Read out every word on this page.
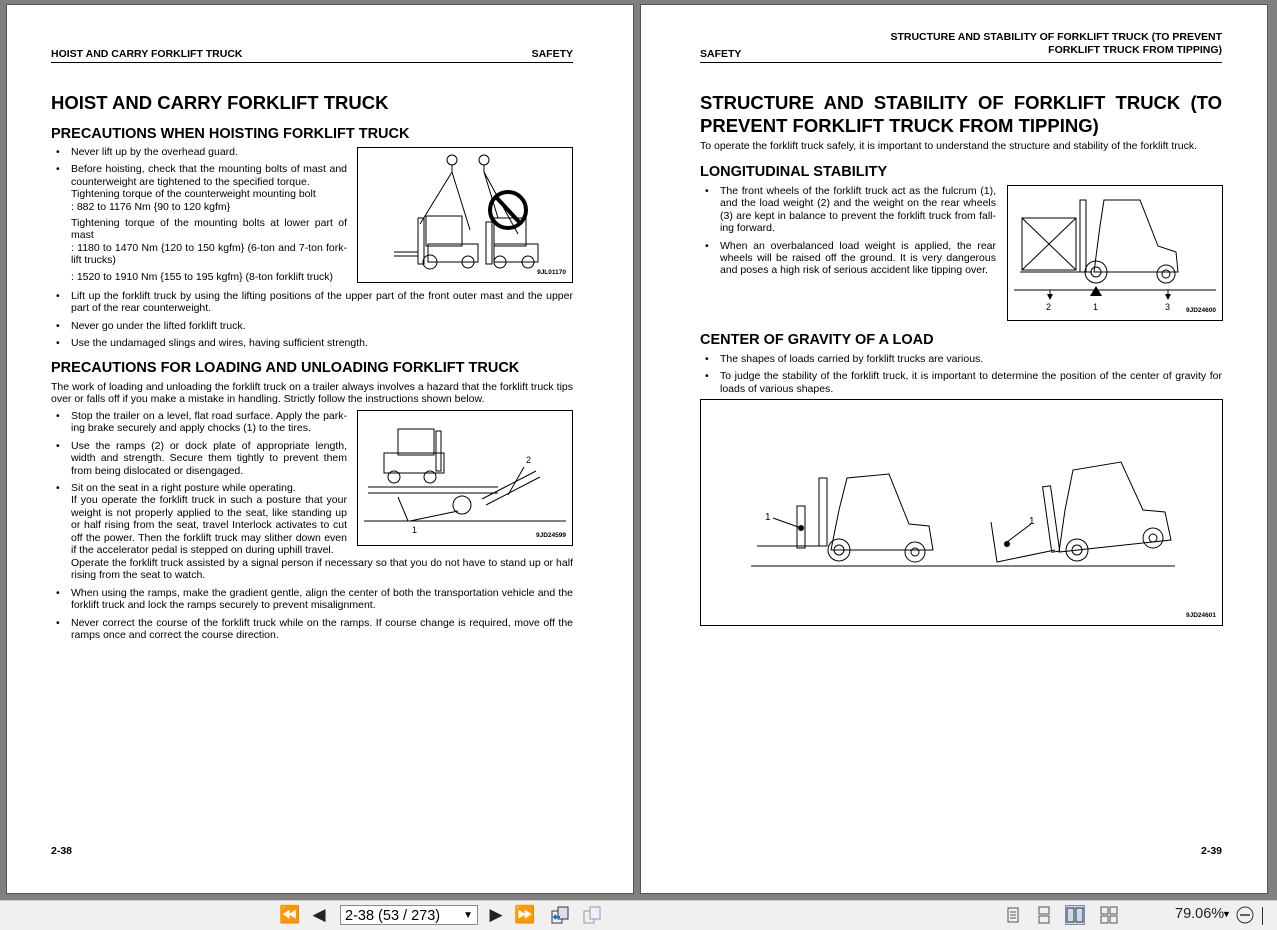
HOIST AND CARRY FORKLIFT TRUCK	SAFETY
HOIST AND CARRY FORKLIFT TRUCK
PRECAUTIONS WHEN HOISTING FORKLIFT TRUCK
• Never lift up by the overhead guard.
• Before hoisting, check that the mounting bolts of mast and counterweight are tightened to the specified torque.
Tightening torque of the counterweight mounting bolt
: 882 to 1176 Nm {90 to 120 kgfm}
Tightening torque of the mounting bolts at lower part of mast
: 1180 to 1470 Nm {120 to 150 kgfm} (6-ton and 7-ton fork-lift trucks)
: 1520 to 1910 Nm {155 to 195 kgfm} (8-ton forklift truck)	9JL01170
• Lift up the forklift truck by using the lifting positions of the upper part of the front outer mast and the upper part of the rear counterweight.
• Never go under the lifted forklift truck.
• Use the undamaged slings and wires, having sufficient strength.
PRECAUTIONS FOR LOADING AND UNLOADING FORKLIFT TRUCK
The work of loading and unloading the forklift truck on a trailer always involves a hazard that the forklift truck tips over or falls off if you make a mistake in handling. Strictly follow the instructions shown below.
• Stop the trailer on a level, flat road surface. Apply the park-ing brake securely and apply chocks (1) to the tires.
• Use the ramps (2) or dock plate of appropriate length, width and strength. Secure them tightly to prevent them from being dislocated or disengaged.
• Sit on the seat in a right posture while operating.
If you operate the forklift truck in such a posture that your weight is not properly applied to the seat, like standing up or half rising from the seat, travel Interlock activates to cut off the power. Then the forklift truck may slither down even if the accelerator pedal is stepped on during uphill travel.
Operate the forklift truck assisted by a signal person if necessary so that you do not have to stand up or half rising from the seat to watch.
1
2
9JD24599
• When using the ramps, make the gradient gentle, align the center of both the transportation vehicle and the forklift truck and lock the ramps securely to prevent misalignment.
• Never correct the course of the forklift truck while on the ramps. If course change is required, move off the ramps once and correct the course direction.
2-38
STRUCTURE AND STABILITY OF FORKLIFT TRUCK (TO PREVENT
FORKLIFT TRUCK FROM TIPPING)
SAFETY
STRUCTURE AND STABILITY OF FORKLIFT TRUCK (TO PREVENT FORKLIFT TRUCK FROM TIPPING)
To operate the forklift truck safely, it is important to understand the structure and stability of the forklift truck.
LONGITUDINAL STABILITY
• The front wheels of the forklift truck act as the fulcrum (1), and the load weight (2) and the weight on the rear wheels (3) are kept in balance to prevent the forklift truck from fall-ing forward.
• When an overbalanced load weight is applied, the rear wheels will be raised off the ground. It is very dangerous and poses a high risk of serious accident like tipping over.
2	1	3 9JD24600
CENTER OF GRAVITY OF A LOAD
• The shapes of loads carried by forklift trucks are various.
• To judge the stability of the forklift truck, it is important to determine the position of the center of gravity for loads of various shapes.
1	1
9JD24601
2-39
⏪ ◀	2-38 (53 / 273) ▼ ▶ ⏩	79.06%
▼
